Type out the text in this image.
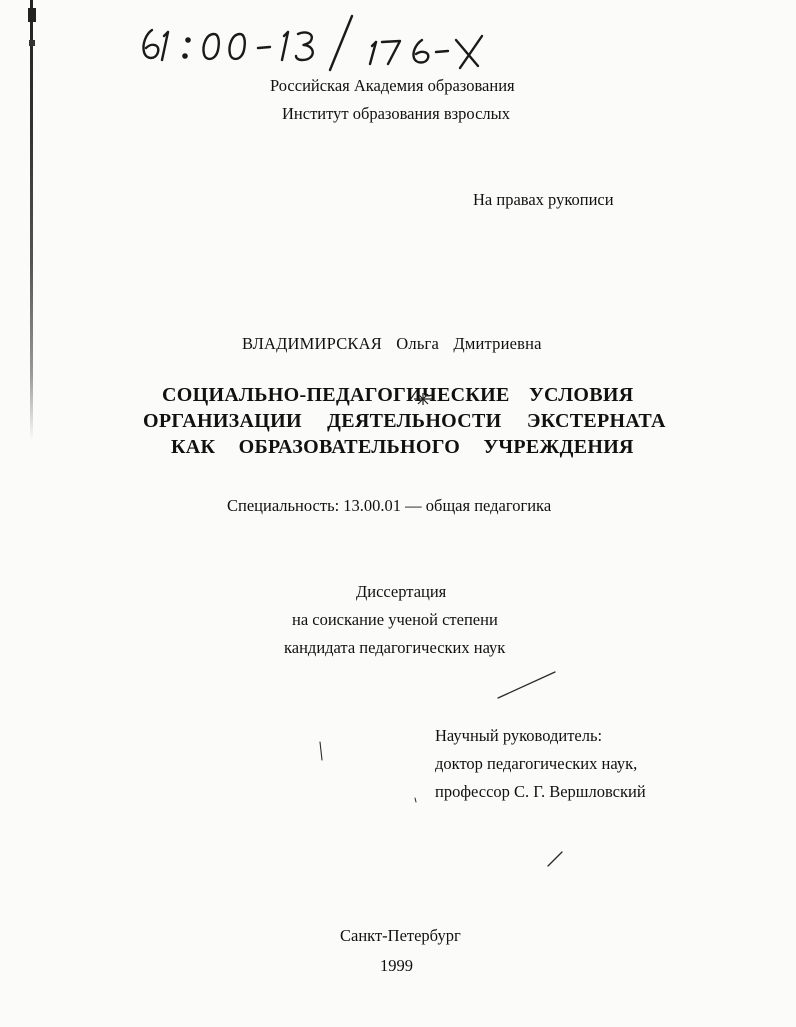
Российская Академия образования
Институт образования взрослых
На правах рукописи
ВЛАДИМИРСКАЯ Ольга Дмитриевна
СОЦИАЛЬНО-ПЕДАГОГИЧЕСКИЕ УСЛОВИЯ
ОРГАНИЗАЦИИ ДЕЯТЕЛЬНОСТИ ЭКСТЕРНАТА
КАК ОБРАЗОВАТЕЛЬНОГО УЧРЕЖДЕНИЯ
Специальность: 13.00.01 — общая педагогика
Диссертация
на соискание ученой степени
кандидата педагогических наук
Научный руководитель:
доктор педагогических наук,
профессор С. Г. Вершловский
Санкт-Петербург
1999
